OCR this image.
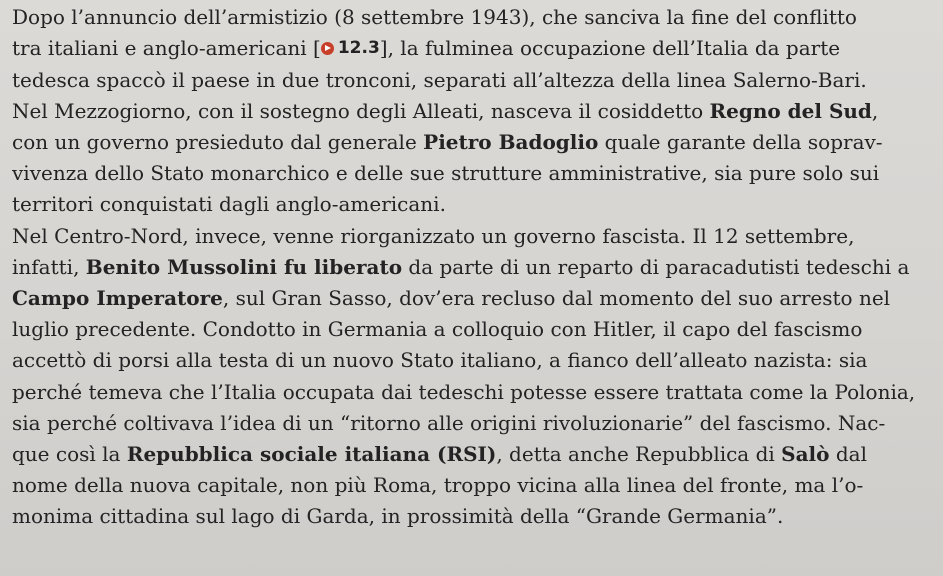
Dopo l’annuncio dell’armistizio (8 settembre 1943), che sanciva la fine del conflitto
tra italiani e anglo-americani [ 12.3 ], la fulminea occupazione dell’Italia da parte
tedesca spaccò il paese in due tronconi, separati all’altezza della linea Salerno-Bari.
Nel Mezzogiorno, con il sostegno degli Alleati, nasceva il cosiddetto Regno del Sud,
con un governo presieduto dal generale Pietro Badoglio quale garante della soprav-
vivenza dello Stato monarchico e delle sue strutture amministrative, sia pure solo sui
territori conquistati dagli anglo-americani.
Nel Centro-Nord, invece, venne riorganizzato un governo fascista. Il 12 settembre,
infatti, Benito Mussolini fu liberato da parte di un reparto di paracadutisti tedeschi a
Campo Imperatore, sul Gran Sasso, dov’era recluso dal momento del suo arresto nel
luglio precedente. Condotto in Germania a colloquio con Hitler, il capo del fascismo
accettò di porsi alla testa di un nuovo Stato italiano, a fianco dell’alleato nazista: sia
perché temeva che l’Italia occupata dai tedeschi potesse essere trattata come la Polonia,
sia perché coltivava l’idea di un “ritorno alle origini rivoluzionarie” del fascismo. Nac-
que così la Repubblica sociale italiana (RSI), detta anche Repubblica di Salò dal
nome della nuova capitale, non più Roma, troppo vicina alla linea del fronte, ma l’o-
monima cittadina sul lago di Garda, in prossimità della “Grande Germania”.
